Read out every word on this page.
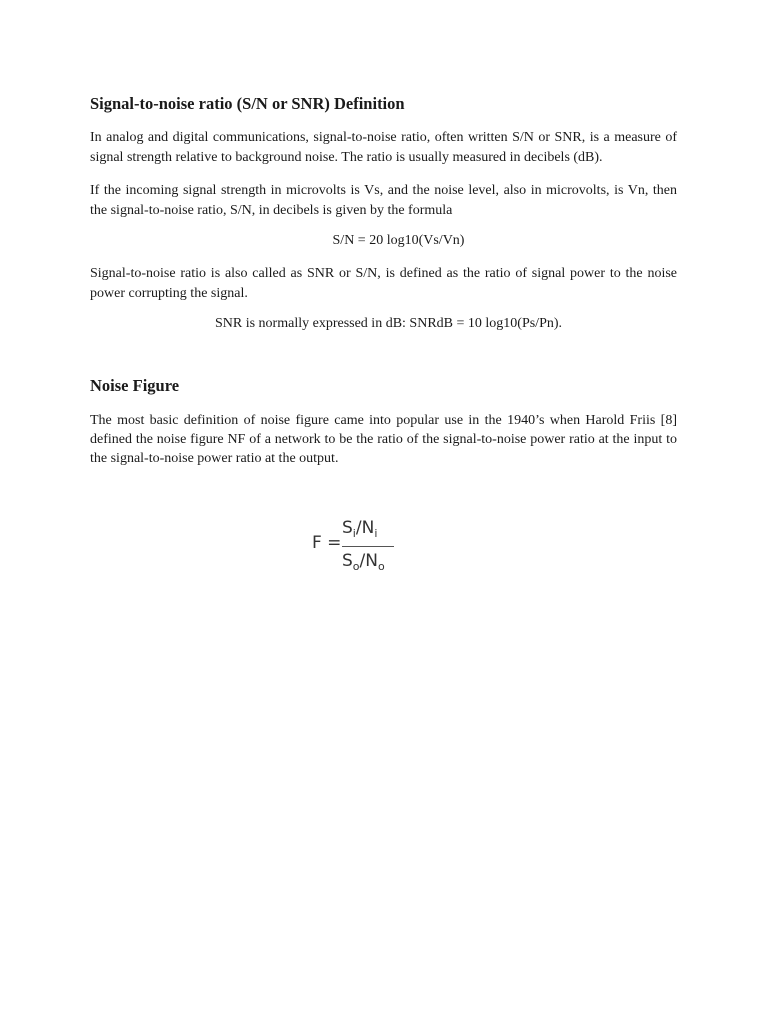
Signal-to-noise ratio (S/N or SNR) Definition

In analog and digital communications, signal-to-noise ratio, often written S/N or SNR, is a measure of signal strength relative to background noise. The ratio is usually measured in decibels (dB).

If the incoming signal strength in microvolts is Vs, and the noise level, also in microvolts, is Vn, then the signal-to-noise ratio, S/N, in decibels is given by the formula

S/N = 20 log10(Vs/Vn)

Signal-to-noise ratio is also called as SNR or S/N, is defined as the ratio of signal power to the noise power corrupting the signal.

SNR is normally expressed in dB: SNRdB = 10 log10(Ps/Pn).

Noise Figure

The most basic definition of noise figure came into popular use in the 1940’s when Harold Friis [8] defined the noise figure NF of a network to be the ratio of the signal-to-noise power ratio at the input to the signal-to-noise power ratio at the output.

F =
$S_i/N_i$
$S_o/N_o$
